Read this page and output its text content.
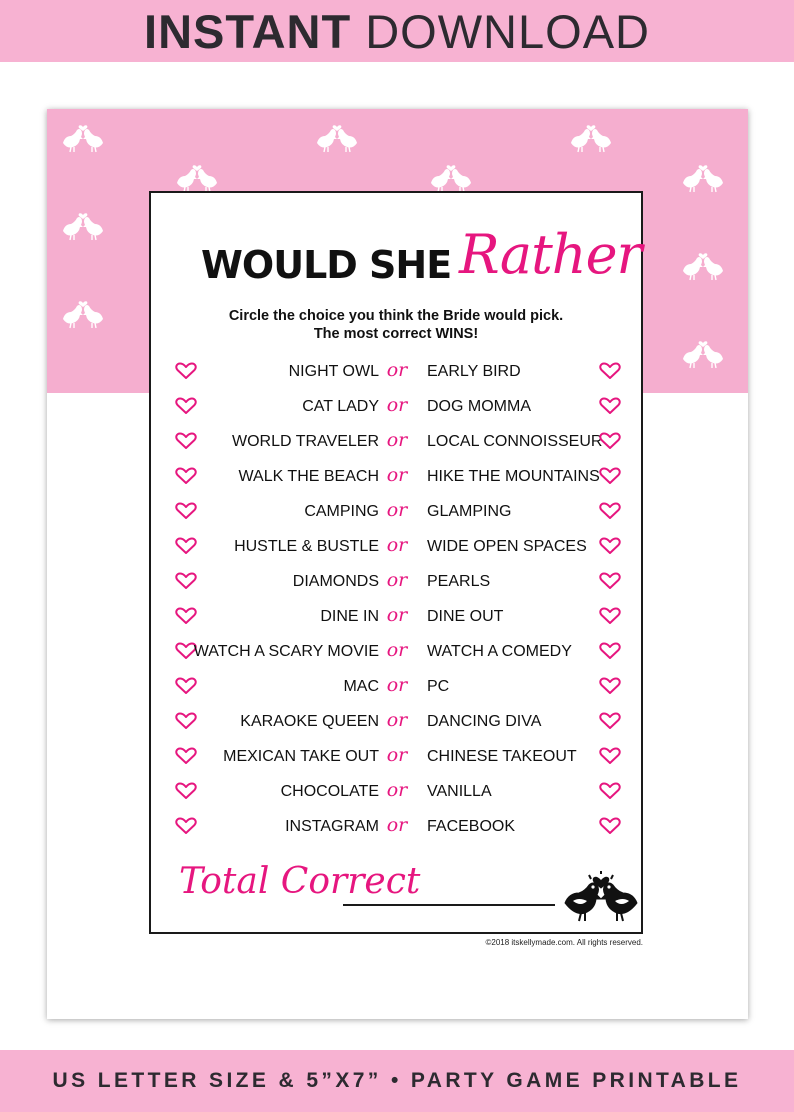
INSTANT DOWNLOAD
WOULD SHE Rather
Circle the choice you think the Bride would pick.
The most correct WINS!
NIGHT OWL or EARLY BIRD
CAT LADY or DOG MOMMA
WORLD TRAVELER or LOCAL CONNOISSEUR
WALK THE BEACH or HIKE THE MOUNTAINS
CAMPING or GLAMPING
HUSTLE & BUSTLE or WIDE OPEN SPACES
DIAMONDS or PEARLS
DINE IN or DINE OUT
WATCH A SCARY MOVIE or WATCH A COMEDY
MAC or PC
KARAOKE QUEEN or DANCING DIVA
MEXICAN TAKE OUT or CHINESE TAKEOUT
CHOCOLATE or VANILLA
INSTAGRAM or FACEBOOK
Total Correct
©2018 itskellymade.com. All rights reserved.
US LETTER SIZE & 5”X7” • PARTY GAME PRINTABLE
